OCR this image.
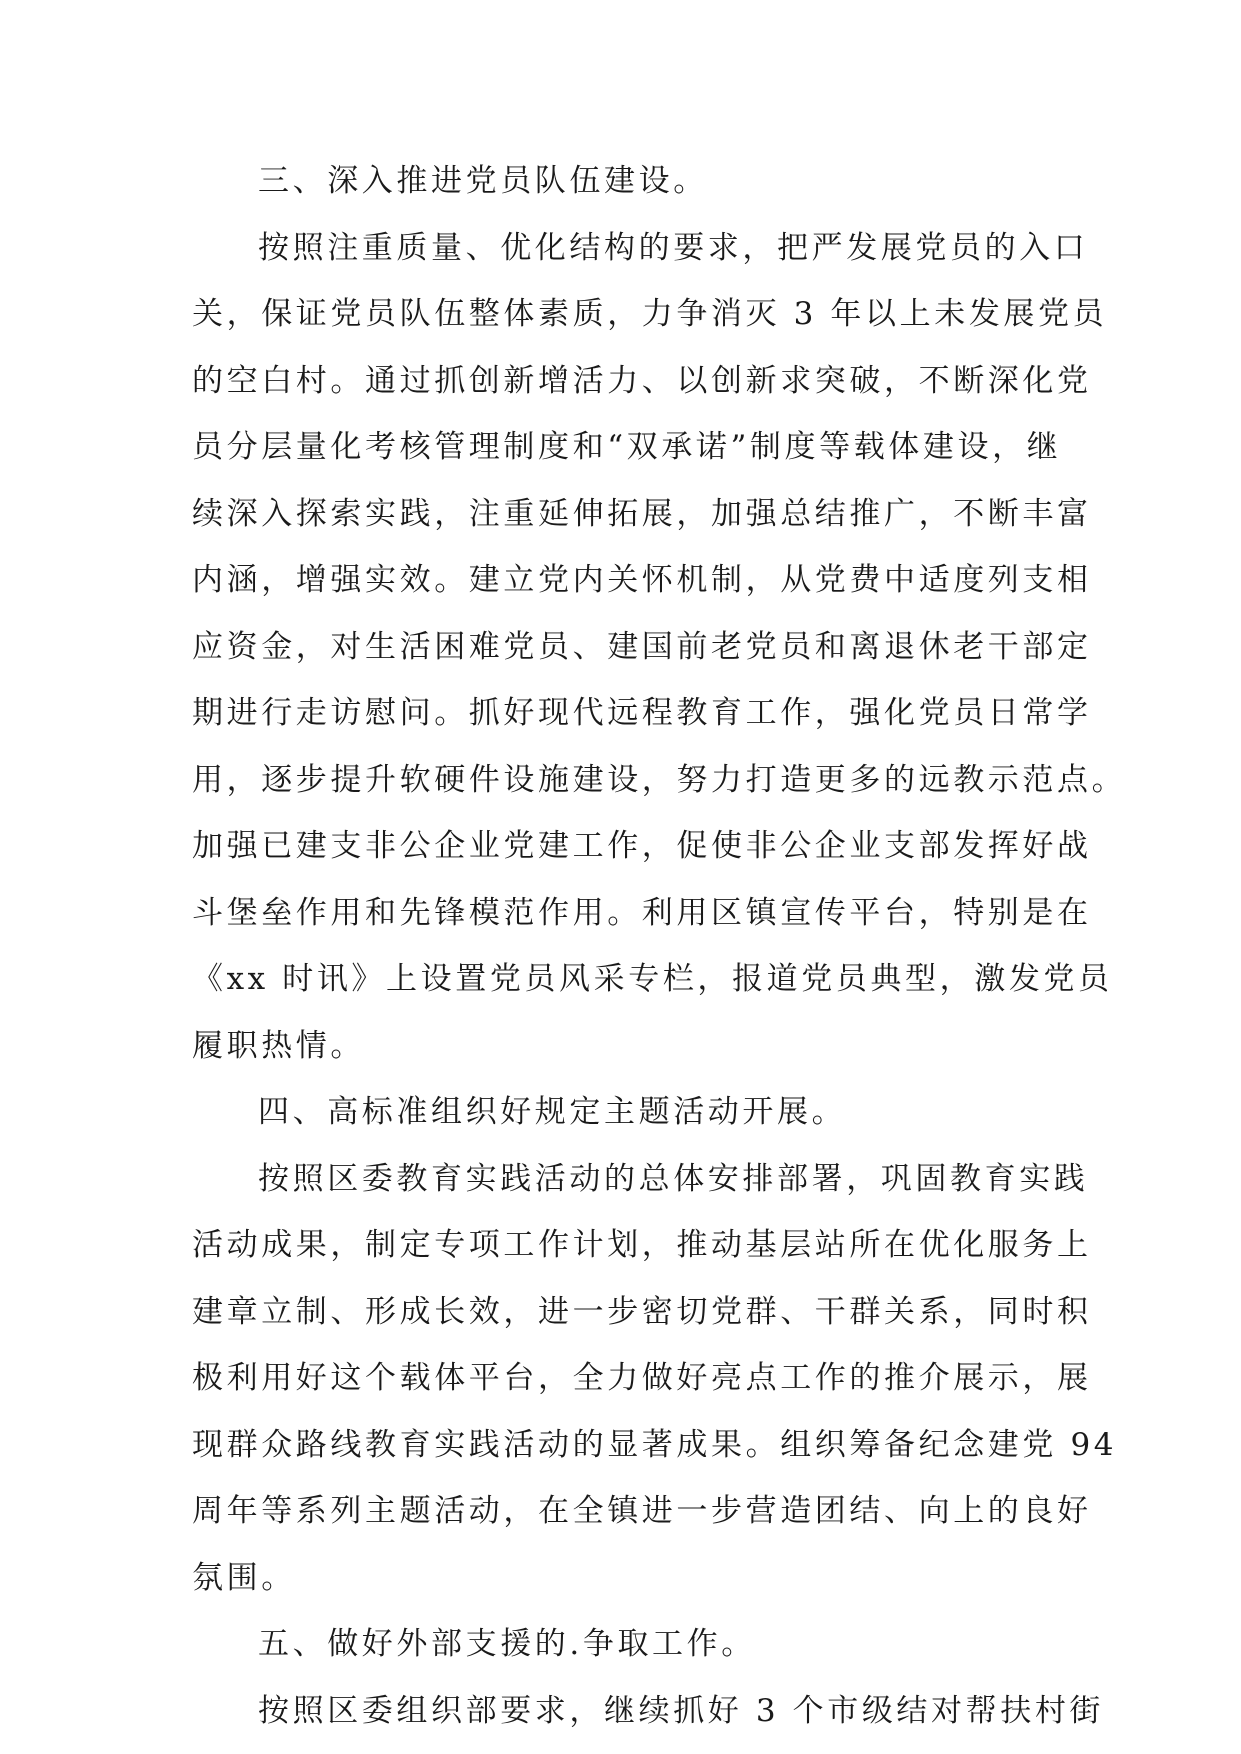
三、深入推进党员队伍建设。
按照注重质量、优化结构的要求，把严发展党员的入口
关，保证党员队伍整体素质，力争消灭 3 年以上未发展党员
的空白村。通过抓创新增活力、以创新求突破，不断深化党
员分层量化考核管理制度和“双承诺”制度等载体建设，继
续深入探索实践，注重延伸拓展，加强总结推广，不断丰富
内涵，增强实效。建立党内关怀机制，从党费中适度列支相
应资金，对生活困难党员、建国前老党员和离退休老干部定
期进行走访慰问。抓好现代远程教育工作，强化党员日常学
用，逐步提升软硬件设施建设，努力打造更多的远教示范点。
加强已建支非公企业党建工作，促使非公企业支部发挥好战
斗堡垒作用和先锋模范作用。利用区镇宣传平台，特别是在
《xx 时讯》上设置党员风采专栏，报道党员典型，激发党员
履职热情。
四、高标准组织好规定主题活动开展。
按照区委教育实践活动的总体安排部署，巩固教育实践
活动成果，制定专项工作计划，推动基层站所在优化服务上
建章立制、形成长效，进一步密切党群、干群关系，同时积
极利用好这个载体平台，全力做好亮点工作的推介展示，展
现群众路线教育实践活动的显著成果。组织筹备纪念建党 94
周年等系列主题活动，在全镇进一步营造团结、向上的良好
氛围。
五、做好外部支援的.争取工作。
按照区委组织部要求，继续抓好 3 个市级结对帮扶村街
